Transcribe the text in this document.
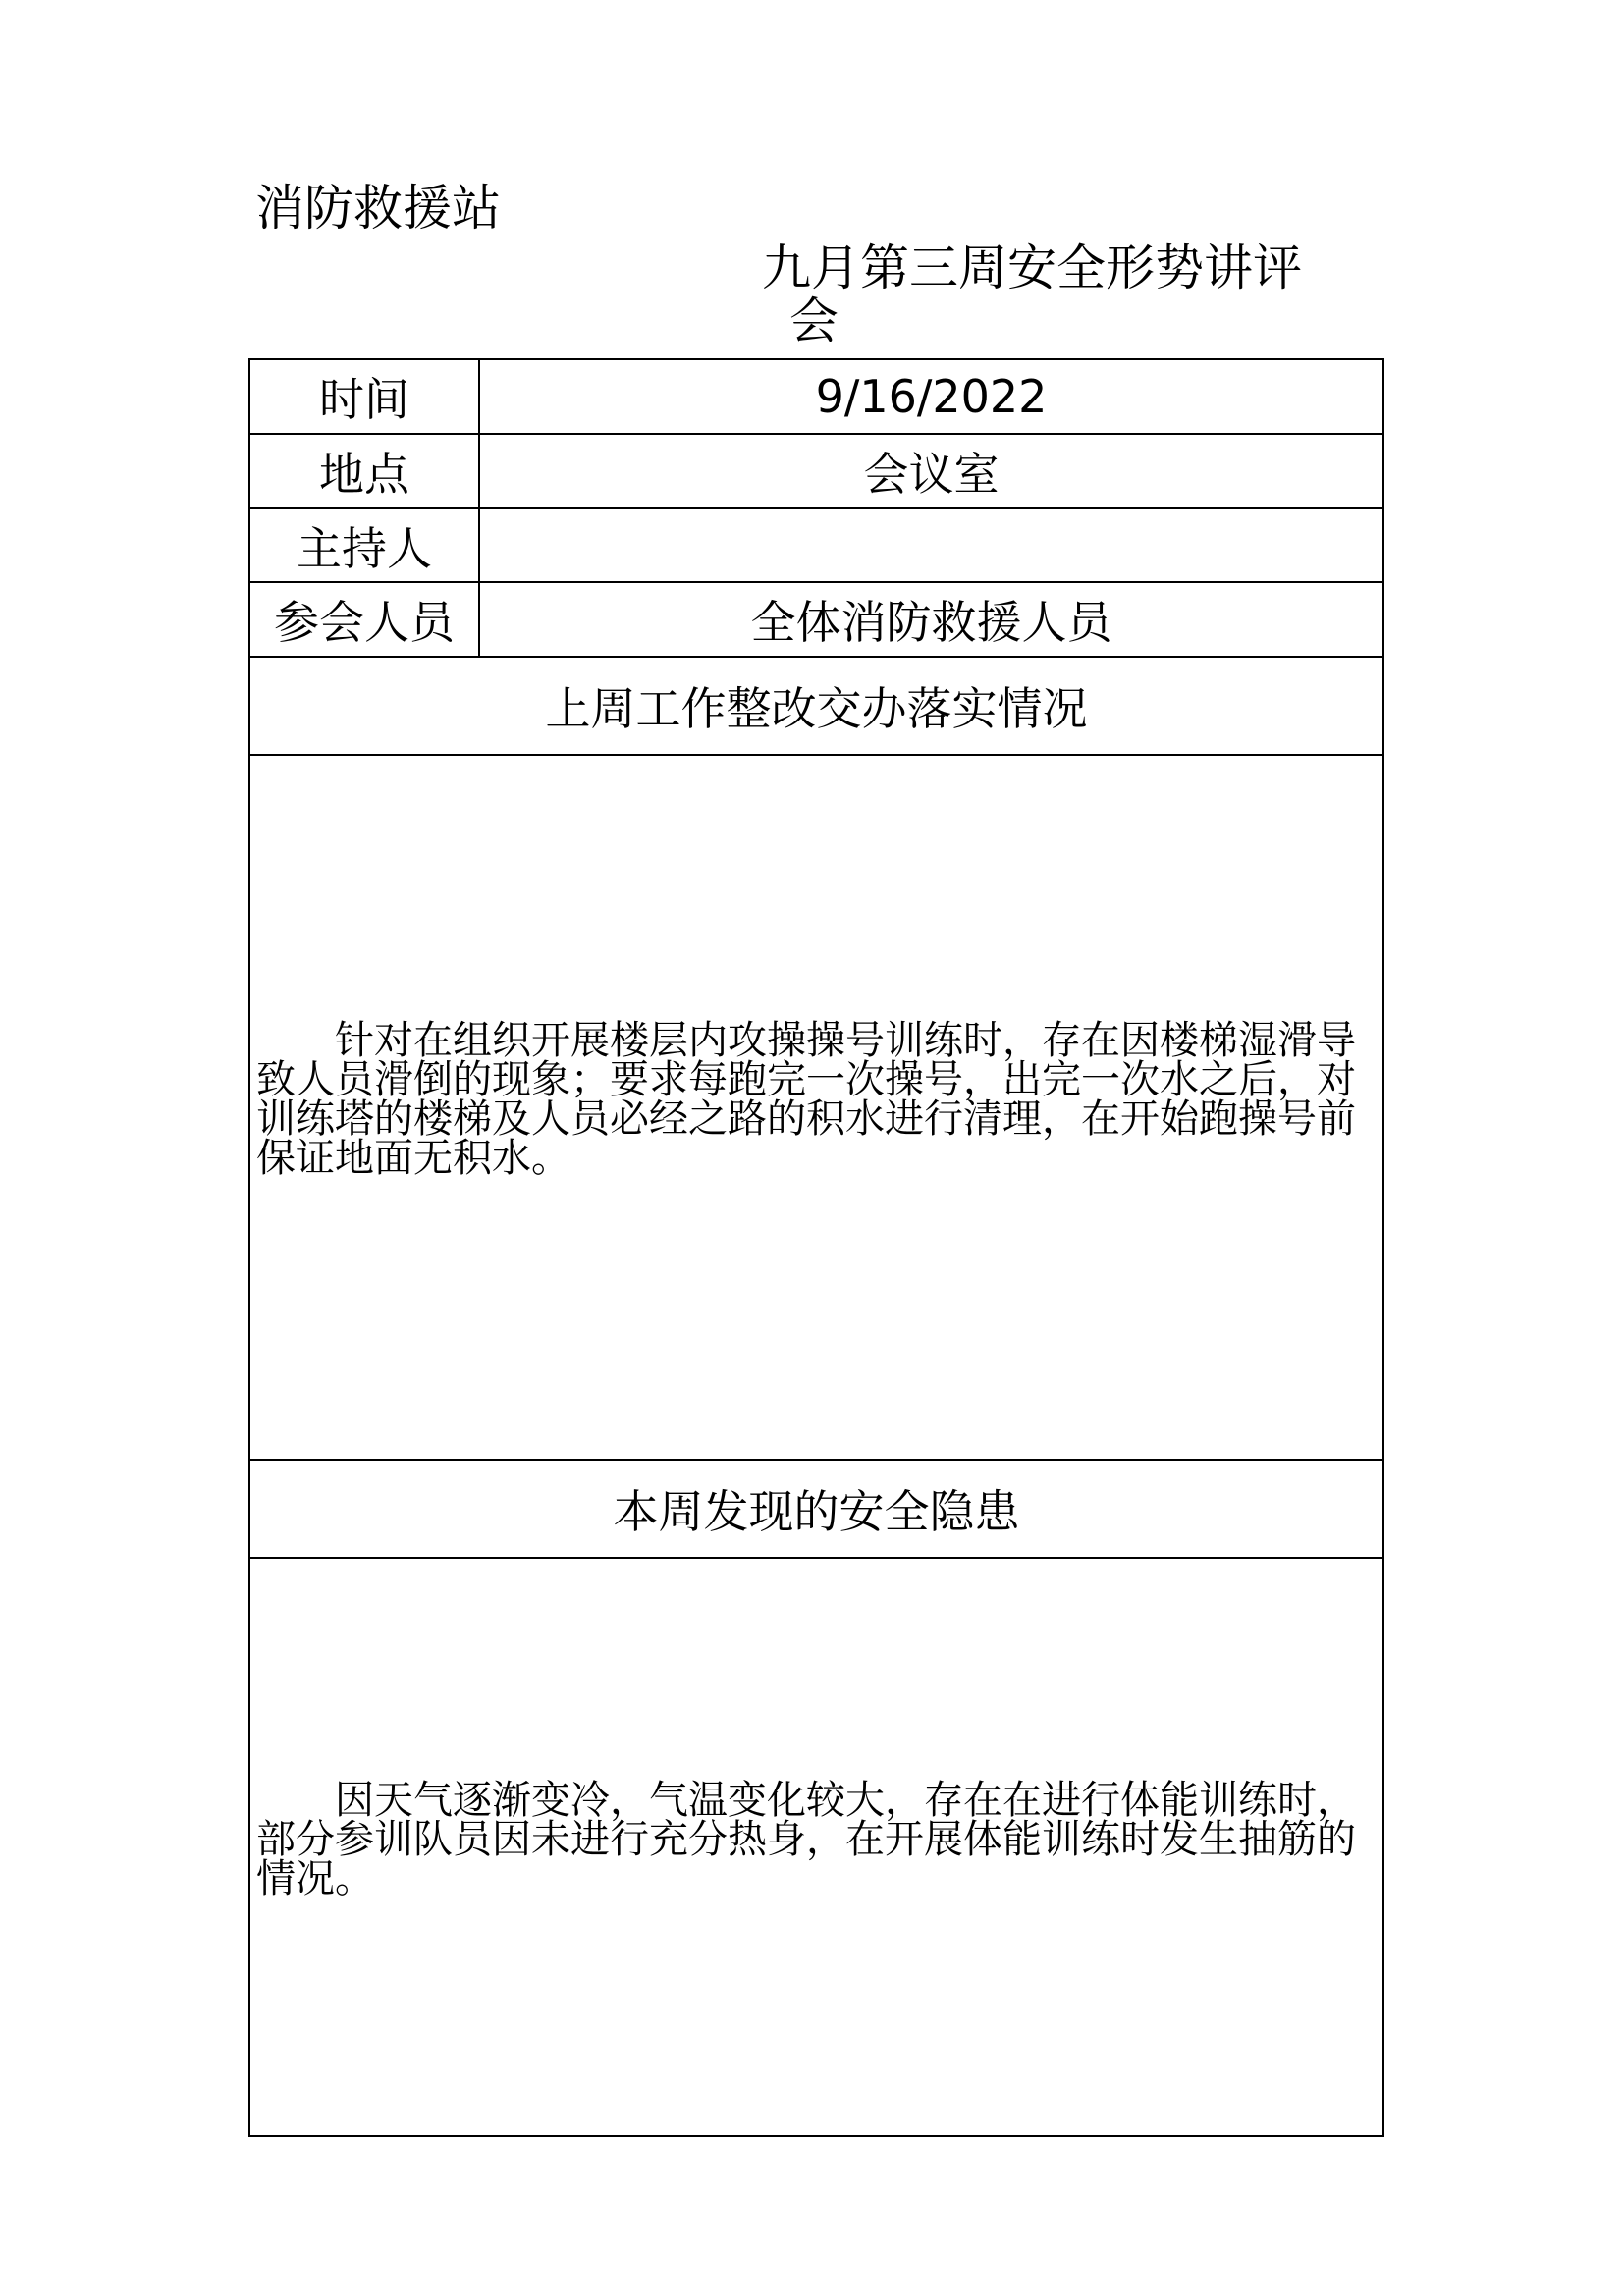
消防救援站
九月第三周安全形势讲评
会
时间	9/16/2022
地点	会议室
主持人
参会人员	全体消防救援人员
上周工作整改交办落实情况
针对在组织开展楼层内攻操操号训练时，存在因楼梯湿滑导致人员滑倒的现象；要求每跑完一次操号，出完一次水之后，对训练塔的楼梯及人员必经之路的积水进行清理，在开始跑操号前保证地面无积水。
本周发现的安全隐患
因天气逐渐变冷，气温变化较大，存在在进行体能训练时，部分参训队员因未进行充分热身，在开展体能训练时发生抽筋的情况。
